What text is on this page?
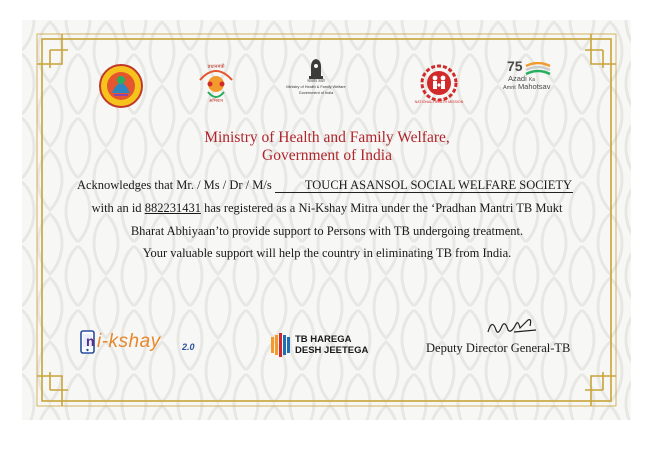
प्रधानमंत्री
अभियान
सत्यमेव जयते
Ministry of Health & Family Welfare
Government of India
NATIONAL HEALTH MISSION
75
Azadi Ka
Amrit Mahotsav
Ministry of Health and Family Welfare,
Government of India
Acknowledges that Mr. / Ms / Dr / M/s	TOUCH ASANSOL SOCIAL WELFARE SOCIETY
with an id 882231431 has registered as a Ni-Kshay Mitra under the ‘Pradhan Mantri TB Mukt
Bharat Abhiyaan’to provide support to Persons with TB undergoing treatment.
Your valuable support will help the country in eliminating TB from India.
n i-kshay 2.0
TB HAREGA
DESH JEETEGA	Deputy Director General-TB
